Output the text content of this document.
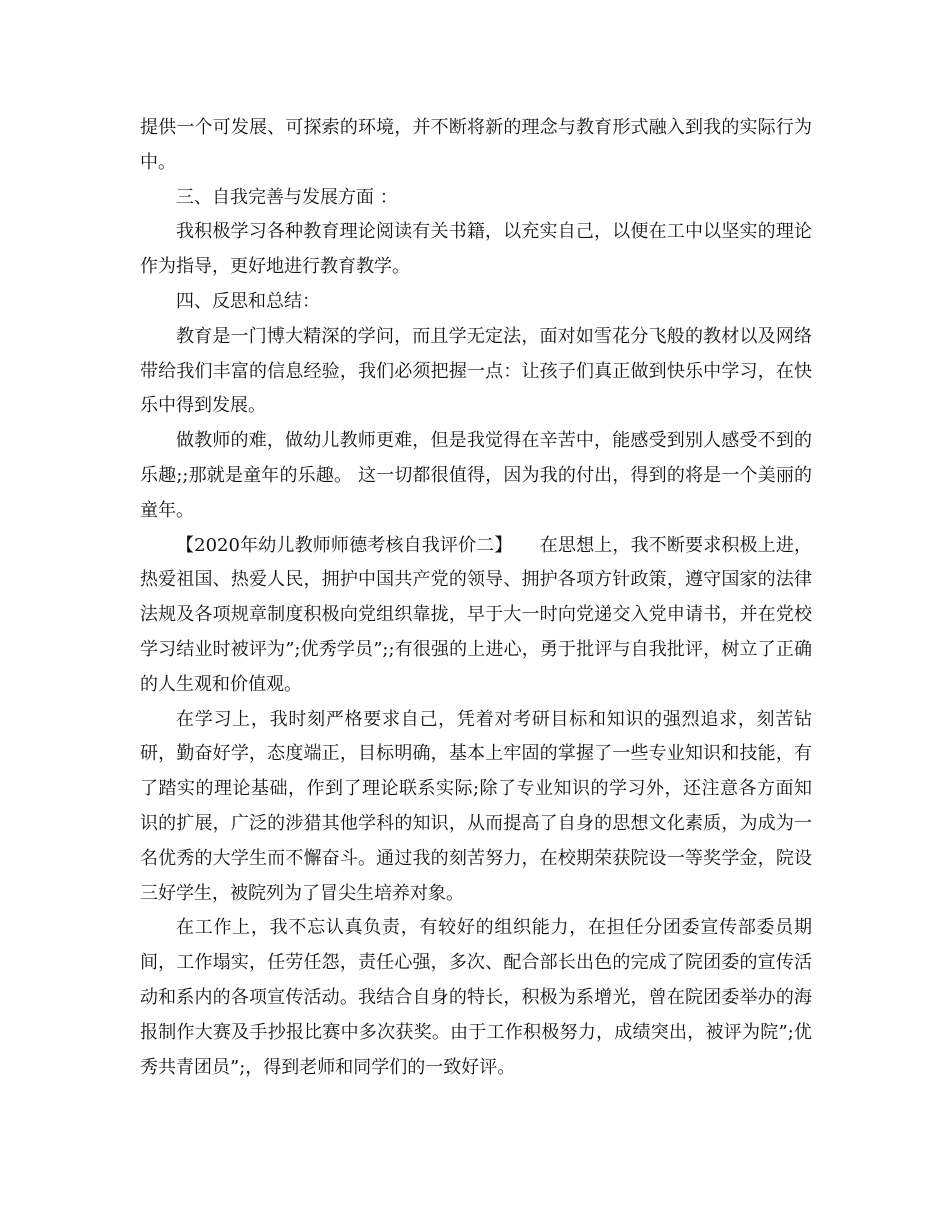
提供一个可发展、可探索的环境，并不断将新的理念与教育形式融入到我的实际行为中。

三、自我完善与发展方面 ：

我积极学习各种教育理论阅读有关书籍，以充实自己，以便在工中以坚实的理论作为指导，更好地进行教育教学。

四、反思和总结：

教育是一门博大精深的学问，而且学无定法，面对如雪花分飞般的教材以及网络带给我们丰富的信息经验，我们必须把握一点：让孩子们真正做到快乐中学习，在快乐中得到发展。

做教师的难，做幼儿教师更难，但是我觉得在辛苦中，能感受到别人感受不到的乐趣;;那就是童年的乐趣。 这一切都很值得，因为我的付出，得到的将是一个美丽的童年。

【2020年幼儿教师师德考核自我评价二】　　在思想上，我不断要求积极上进，热爱祖国、热爱人民，拥护中国共产党的领导、拥护各项方针政策，遵守国家的法律法规及各项规章制度积极向党组织靠拢，早于大一时向党递交入党申请书，并在党校学习结业时被评为”;优秀学员”;;有很强的上进心，勇于批评与自我批评，树立了正确的人生观和价值观。

在学习上，我时刻严格要求自己，凭着对考研目标和知识的强烈追求，刻苦钻研，勤奋好学，态度端正，目标明确，基本上牢固的掌握了一些专业知识和技能，有了踏实的理论基础，作到了理论联系实际;除了专业知识的学习外，还注意各方面知识的扩展，广泛的涉猎其他学科的知识，从而提高了自身的思想文化素质，为成为一名优秀的大学生而不懈奋斗。通过我的刻苦努力，在校期荣获院设一等奖学金，院设三好学生，被院列为了冒尖生培养对象。

在工作上，我不忘认真负责，有较好的组织能力，在担任分团委宣传部委员期间，工作塌实，任劳任怨，责任心强，多次、配合部长出色的完成了院团委的宣传活动和系内的各项宣传活动。我结合自身的特长，积极为系增光，曾在院团委举办的海报制作大赛及手抄报比赛中多次获奖。由于工作积极努力，成绩突出，被评为院”;优秀共青团员”;，得到老师和同学们的一致好评。
